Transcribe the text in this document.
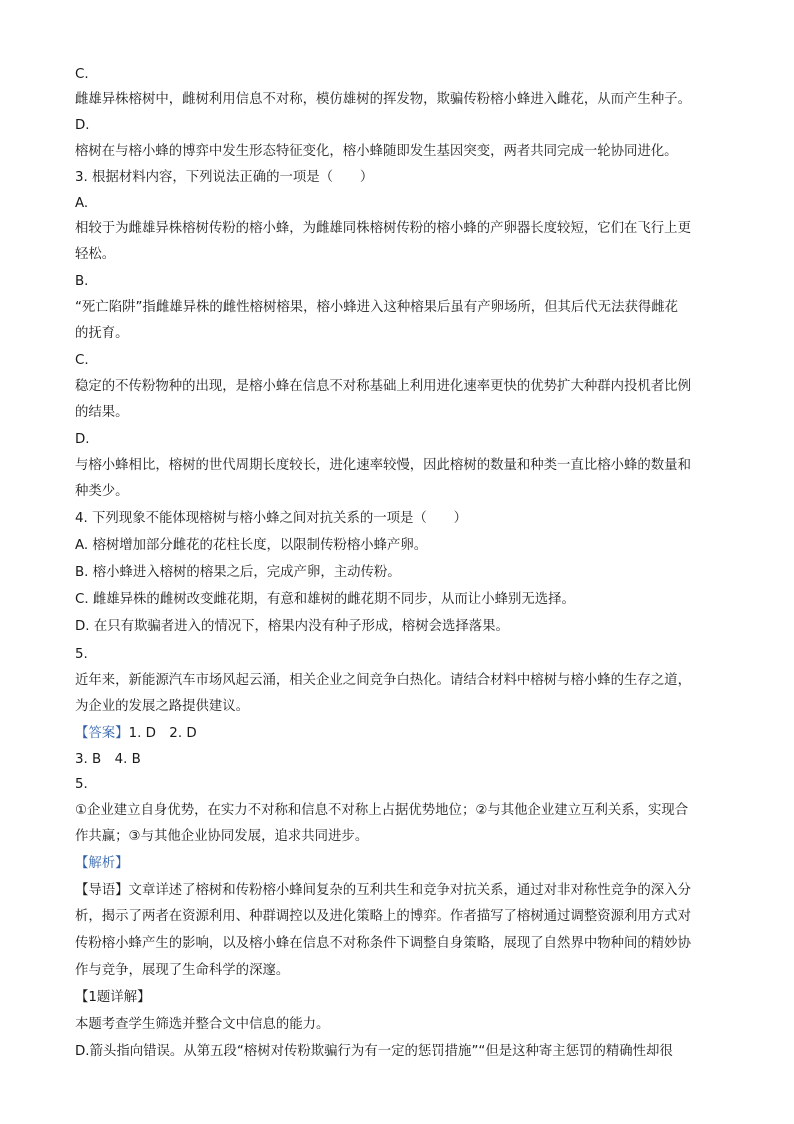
C.
雌雄异株榕树中，雌树利用信息不对称，模仿雄树的挥发物，欺骗传粉榕小蜂进入雌花，从而产生种子。
D.
榕树在与榕小蜂的博弈中发生形态特征变化，榕小蜂随即发生基因突变，两者共同完成一轮协同进化。
3. 根据材料内容，下列说法正确的一项是（　　）
A.
相较于为雌雄异株榕树传粉的榕小蜂，为雌雄同株榕树传粉的榕小蜂的产卵器长度较短，它们在飞行上更
轻松。
B.
“死亡陷阱”指雌雄异株的雌性榕树榕果，榕小蜂进入这种榕果后虽有产卵场所，但其后代无法获得雌花
的抚育。
C.
稳定的不传粉物种的出现，是榕小蜂在信息不对称基础上利用进化速率更快的优势扩大种群内投机者比例
的结果。
D.
与榕小蜂相比，榕树的世代周期长度较长，进化速率较慢，因此榕树的数量和种类一直比榕小蜂的数量和
种类少。
4. 下列现象不能体现榕树与榕小蜂之间对抗关系的一项是（　　）
A. 榕树增加部分雌花的花柱长度，以限制传粉榕小蜂产卵。
B. 榕小蜂进入榕树的榕果之后，完成产卵，主动传粉。
C. 雌雄异株的雌树改变雌花期，有意和雄树的雌花期不同步，从而让小蜂别无选择。
D. 在只有欺骗者进入的情况下，榕果内没有种子形成，榕树会选择落果。
5.
近年来，新能源汽车市场风起云涌，相关企业之间竞争白热化。请结合材料中榕树与榕小蜂的生存之道，
为企业的发展之路提供建议。
【答案】1. D　2. D
3. B　4. B
5.
①企业建立自身优势，在实力不对称和信息不对称上占据优势地位；②与其他企业建立互利关系，实现合
作共赢；③与其他企业协同发展，追求共同进步。
【解析】
【导语】文章详述了榕树和传粉榕小蜂间复杂的互利共生和竞争对抗关系，通过对非对称性竞争的深入分
析，揭示了两者在资源利用、种群调控以及进化策略上的博弈。作者描写了榕树通过调整资源利用方式对
传粉榕小蜂产生的影响，以及榕小蜂在信息不对称条件下调整自身策略，展现了自然界中物种间的精妙协
作与竞争，展现了生命科学的深邃。
【1题详解】
本题考查学生筛选并整合文中信息的能力。
D.箭头指向错误。从第五段“榕树对传粉欺骗行为有一定的惩罚措施”“但是这种寄主惩罚的精确性却很
